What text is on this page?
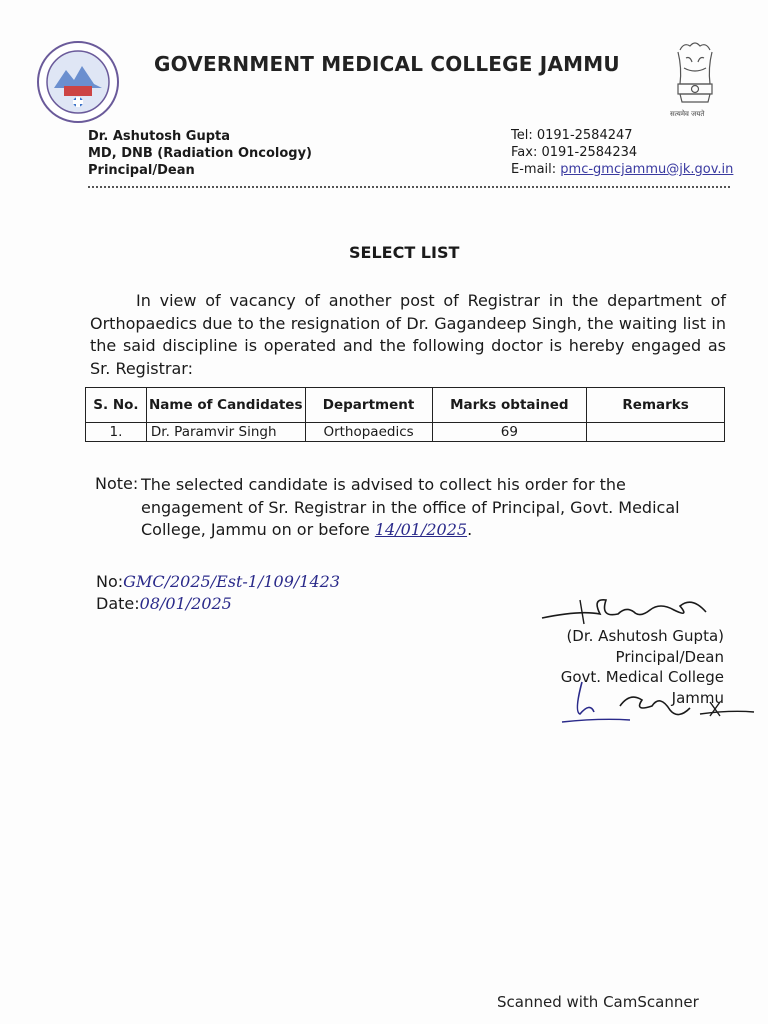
सत्यमेव जयते
GOVERNMENT MEDICAL COLLEGE JAMMU
Dr. Ashutosh Gupta
MD, DNB (Radiation Oncology)
Principal/Dean
Tel: 0191-2584247
Fax: 0191-2584234
E-mail: pmc-gmcjammu@jk.gov.in
SELECT LIST
In view of vacancy of another post of Registrar in the department of Orthopaedics due to the resignation of Dr. Gagandeep Singh, the waiting list in the said discipline is operated and the following doctor is hereby engaged as Sr. Registrar:
S. No.	Name of Candidates	Department	Marks obtained	Remarks
1.	Dr. Paramvir Singh	Orthopaedics	69	
Note: The selected candidate is advised to collect his order for the engagement of Sr. Registrar in the office of Principal, Govt. Medical College, Jammu on or before 14/01/2025.
No:GMC/2025/Est-1/109/1423
Date:08/01/2025
(Dr. Ashutosh Gupta)
Principal/Dean
Govt. Medical College
Jammu
Scanned with CamScanner
